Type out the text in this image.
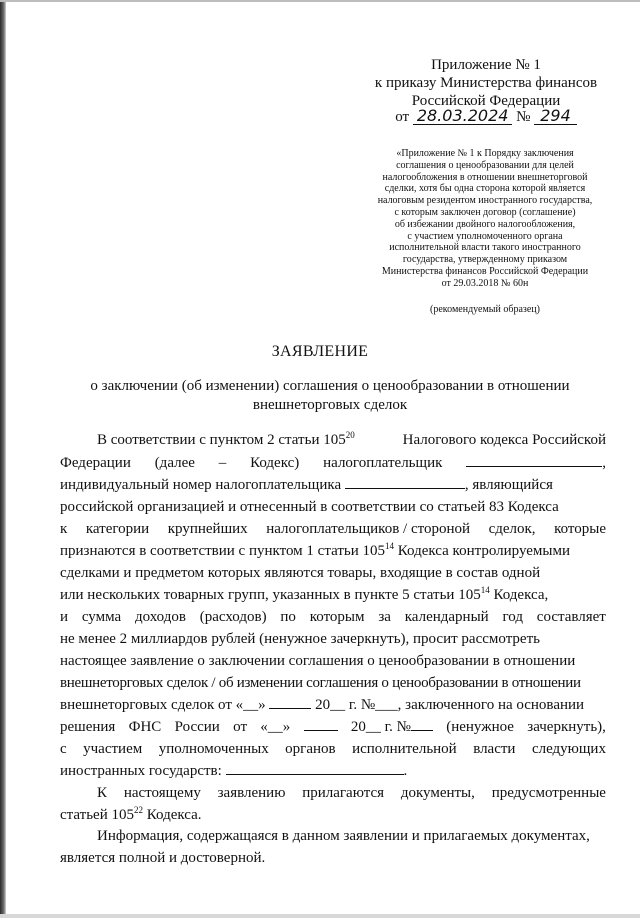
Приложение № 1
к приказу Министерства финансов
Российской Федерации
от 28.03.2024 № 294
«Приложение № 1 к Порядку заключения
соглашения о ценообразовании для целей
налогообложения в отношении внешнеторговой
сделки, хотя бы одна сторона которой является
налоговым резидентом иностранного государства,
с которым заключен договор (соглашение)
об избежании двойного налогообложения,
с участием уполномоченного органа
исполнительной власти такого иностранного
государства, утвержденному приказом
Министерства финансов Российской Федерации
от 29.03.2018 № 60н
(рекомендуемый образец)
ЗАЯВЛЕНИЕ
о заключении (об изменении) соглашения о ценообразовании в отношении
внешнеторговых сделок
В соответствии с пунктом 2 статьи $105^{20}$	Налогового кодекса Российской
Федерации (далее – Кодекс) налогоплательщик	,
индивидуальный номер налогоплательщика	, являющийся
российской организацией и отнесенный в соответствии со статьей 83 Кодекса
к категории крупнейших налогоплательщиков / стороной сделок, которые
признаются в соответствии с пунктом 1 статьи $105^{14}$ Кодекса контролируемыми
сделками и предметом которых являются товары, входящие в состав одной
или нескольких товарных групп, указанных в пункте 5 статьи $105^{14}$ Кодекса,
и сумма доходов (расходов) по которым за календарный год составляет
не менее 2 миллиардов рублей (ненужное зачеркнуть), просит рассмотреть
настоящее заявление о заключении соглашения о ценообразовании в отношении
внешнеторговых сделок / об изменении соглашения о ценообразовании в отношении
внешнеторговых сделок от «__»	20__ г. №___, заключенного на основании
решения ФНС России от «__»	20__ г. №	(ненужное зачеркнуть),
с участием уполномоченных органов исполнительной власти следующих
иностранных государств:	.
К настоящему заявлению прилагаются документы, предусмотренные
статьей $105^{22}$ Кодекса.
Информация, содержащаяся в данном заявлении и прилагаемых документах,
является полной и достоверной.
